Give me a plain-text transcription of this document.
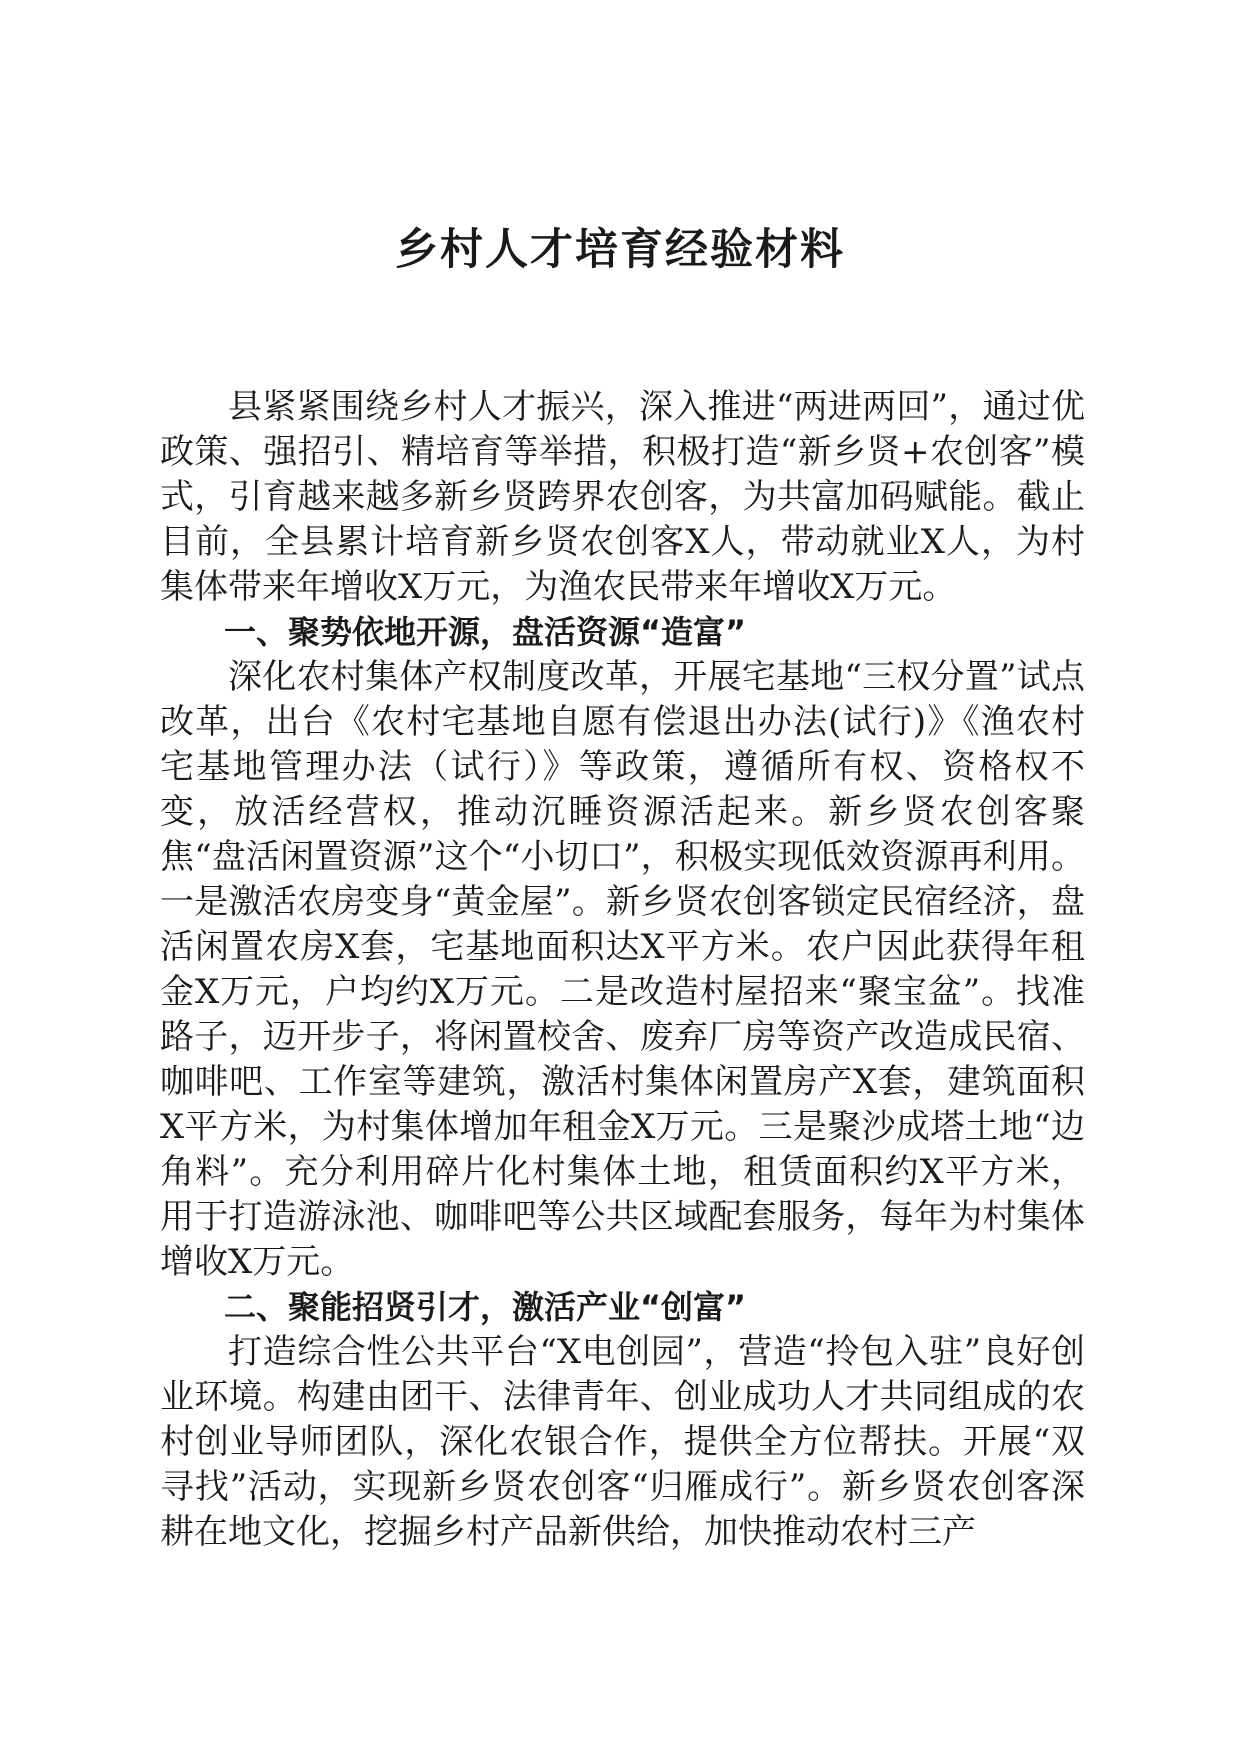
乡村人才培育经验材料

县紧紧围绕乡村人才振兴，深入推进“两进两回”，通过优政策、强招引、精培育等举措，积极打造“新乡贤+农创客”模式，引育越来越多新乡贤跨界农创客，为共富加码赋能。截止目前，全县累计培育新乡贤农创客X人，带动就业X人，为村集体带来年增收X万元，为渔农民带来年增收X万元。

一、聚势依地开源，盘活资源“造富”

深化农村集体产权制度改革，开展宅基地“三权分置”试点改革，出台《农村宅基地自愿有偿退出办法(试行)》《渔农村宅基地管理办法（试行）》等政策，遵循所有权、资格权不变，放活经营权，推动沉睡资源活起来。新乡贤农创客聚焦“盘活闲置资源”这个“小切口”，积极实现低效资源再利用。一是激活农房变身“黄金屋”。新乡贤农创客锁定民宿经济，盘活闲置农房X套，宅基地面积达X平方米。农户因此获得年租金X万元，户均约X万元。二是改造村屋招来“聚宝盆”。找准路子，迈开步子，将闲置校舍、废弃厂房等资产改造成民宿、咖啡吧、工作室等建筑，激活村集体闲置房产X套，建筑面积X平方米，为村集体增加年租金X万元。三是聚沙成塔土地“边角料”。充分利用碎片化村集体土地，租赁面积约X平方米，用于打造游泳池、咖啡吧等公共区域配套服务，每年为村集体增收X万元。

二、聚能招贤引才，激活产业“创富”

打造综合性公共平台“X电创园”，营造“拎包入驻”良好创业环境。构建由团干、法律青年、创业成功人才共同组成的农村创业导师团队，深化农银合作，提供全方位帮扶。开展“双寻找”活动，实现新乡贤农创客“归雁成行”。新乡贤农创客深耕在地文化，挖掘乡村产品新供给，加快推动农村三产
